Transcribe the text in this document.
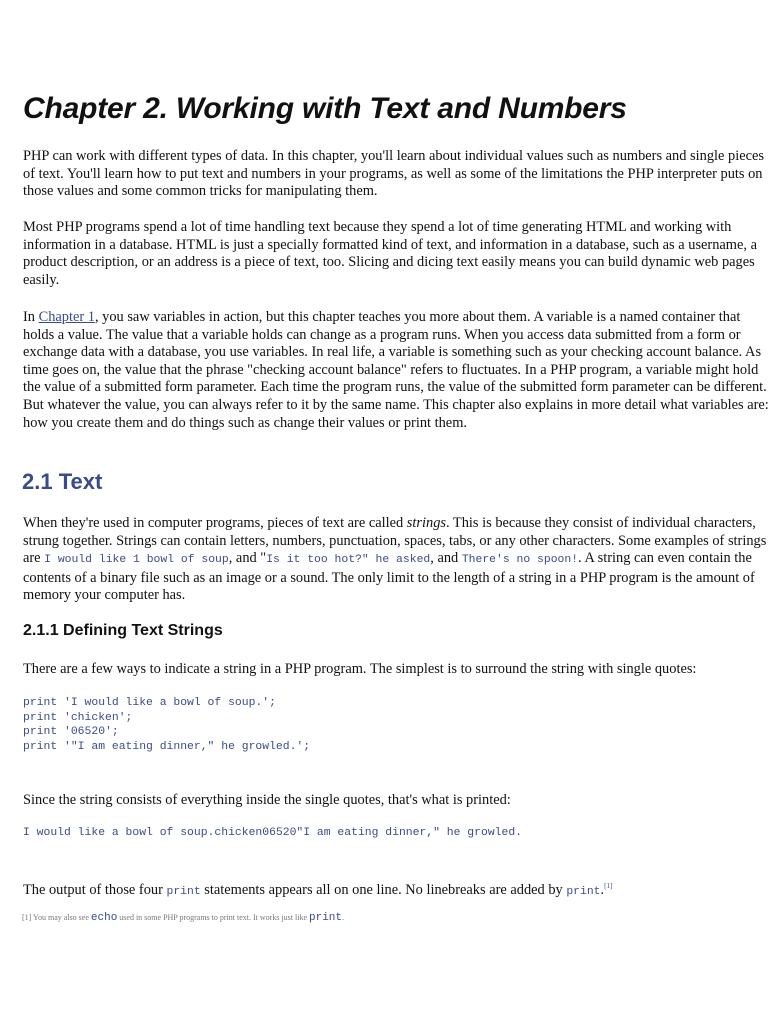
Chapter 2. Working with Text and Numbers

PHP can work with different types of data. In this chapter, you'll learn about individual values such as numbers and single pieces of text. You'll learn how to put text and numbers in your programs, as well as some of the limitations the PHP interpreter puts on those values and some common tricks for manipulating them.

Most PHP programs spend a lot of time handling text because they spend a lot of time generating HTML and working with information in a database. HTML is just a specially formatted kind of text, and information in a database, such as a username, a product description, or an address is a piece of text, too. Slicing and dicing text easily means you can build dynamic web pages easily.

In Chapter 1, you saw variables in action, but this chapter teaches you more about them. A variable is a named container that holds a value. The value that a variable holds can change as a program runs. When you access data submitted from a form or exchange data with a database, you use variables. In real life, a variable is something such as your checking account balance. As time goes on, the value that the phrase "checking account balance" refers to fluctuates. In a PHP program, a variable might hold the value of a submitted form parameter. Each time the program runs, the value of the submitted form parameter can be different. But whatever the value, you can always refer to it by the same name. This chapter also explains in more detail what variables are: how you create them and do things such as change their values or print them.

2.1 Text

When they're used in computer programs, pieces of text are called strings. This is because they consist of individual characters, strung together. Strings can contain letters, numbers, punctuation, spaces, tabs, or any other characters. Some examples of strings are I would like 1 bowl of soup, and "Is it too hot?" he asked, and There's no spoon!. A string can even contain the contents of a binary file such as an image or a sound. The only limit to the length of a string in a PHP program is the amount of memory your computer has.

2.1.1 Defining Text Strings

There are a few ways to indicate a string in a PHP program. The simplest is to surround the string with single quotes:

print 'I would like a bowl of soup.';
print 'chicken';
print '06520';
print '"I am eating dinner," he growled.';

Since the string consists of everything inside the single quotes, that's what is printed:

I would like a bowl of soup.chicken06520"I am eating dinner," he growled.

The output of those four print statements appears all on one line. No linebreaks are added by print.[1]

[1] You may also see echo used in some PHP programs to print text. It works just like print.
